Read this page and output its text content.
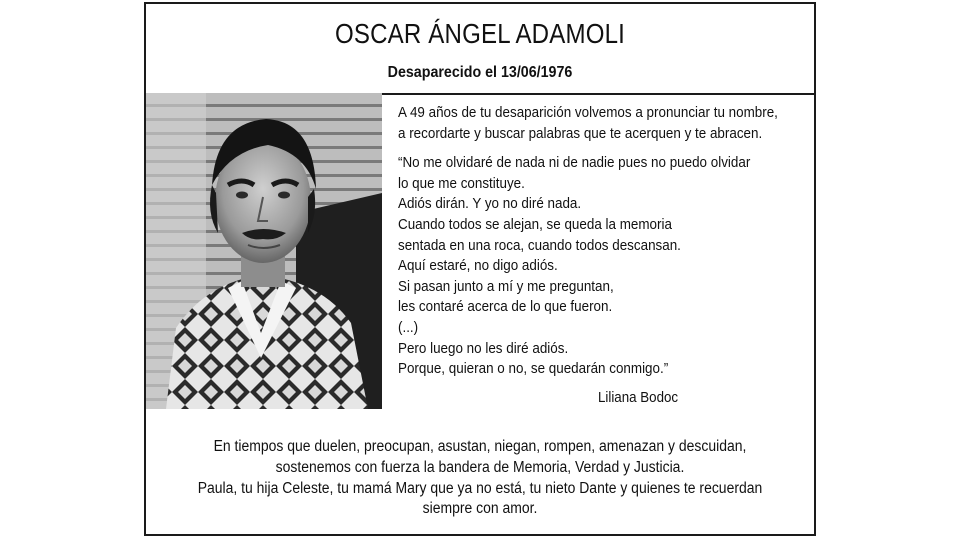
OSCAR ÁNGEL ADAMOLI
Desaparecido el 13/06/1976

A 49 años de tu desaparición volvemos a pronunciar tu nombre,
a recordarte y buscar palabras que te acerquen y te abracen.

“No me olvidaré de nada ni de nadie pues no puedo olvidar
lo que me constituye.
Adiós dirán. Y yo no diré nada.
Cuando todos se alejan, se queda la memoria
sentada en una roca, cuando todos descansan.
Aquí estaré, no digo adiós.
Si pasan junto a mí y me preguntan,
les contaré acerca de lo que fueron.
(...)
Pero luego no les diré adiós.
Porque, quieran o no, se quedarán conmigo.”

Liliana Bodoc
En tiempos que duelen, preocupan, asustan, niegan, rompen, amenazan y descuidan,
sostenemos con fuerza la bandera de Memoria, Verdad y Justicia.
Paula, tu hija Celeste, tu mamá Mary que ya no está, tu nieto Dante y quienes te recuerdan
siempre con amor.
